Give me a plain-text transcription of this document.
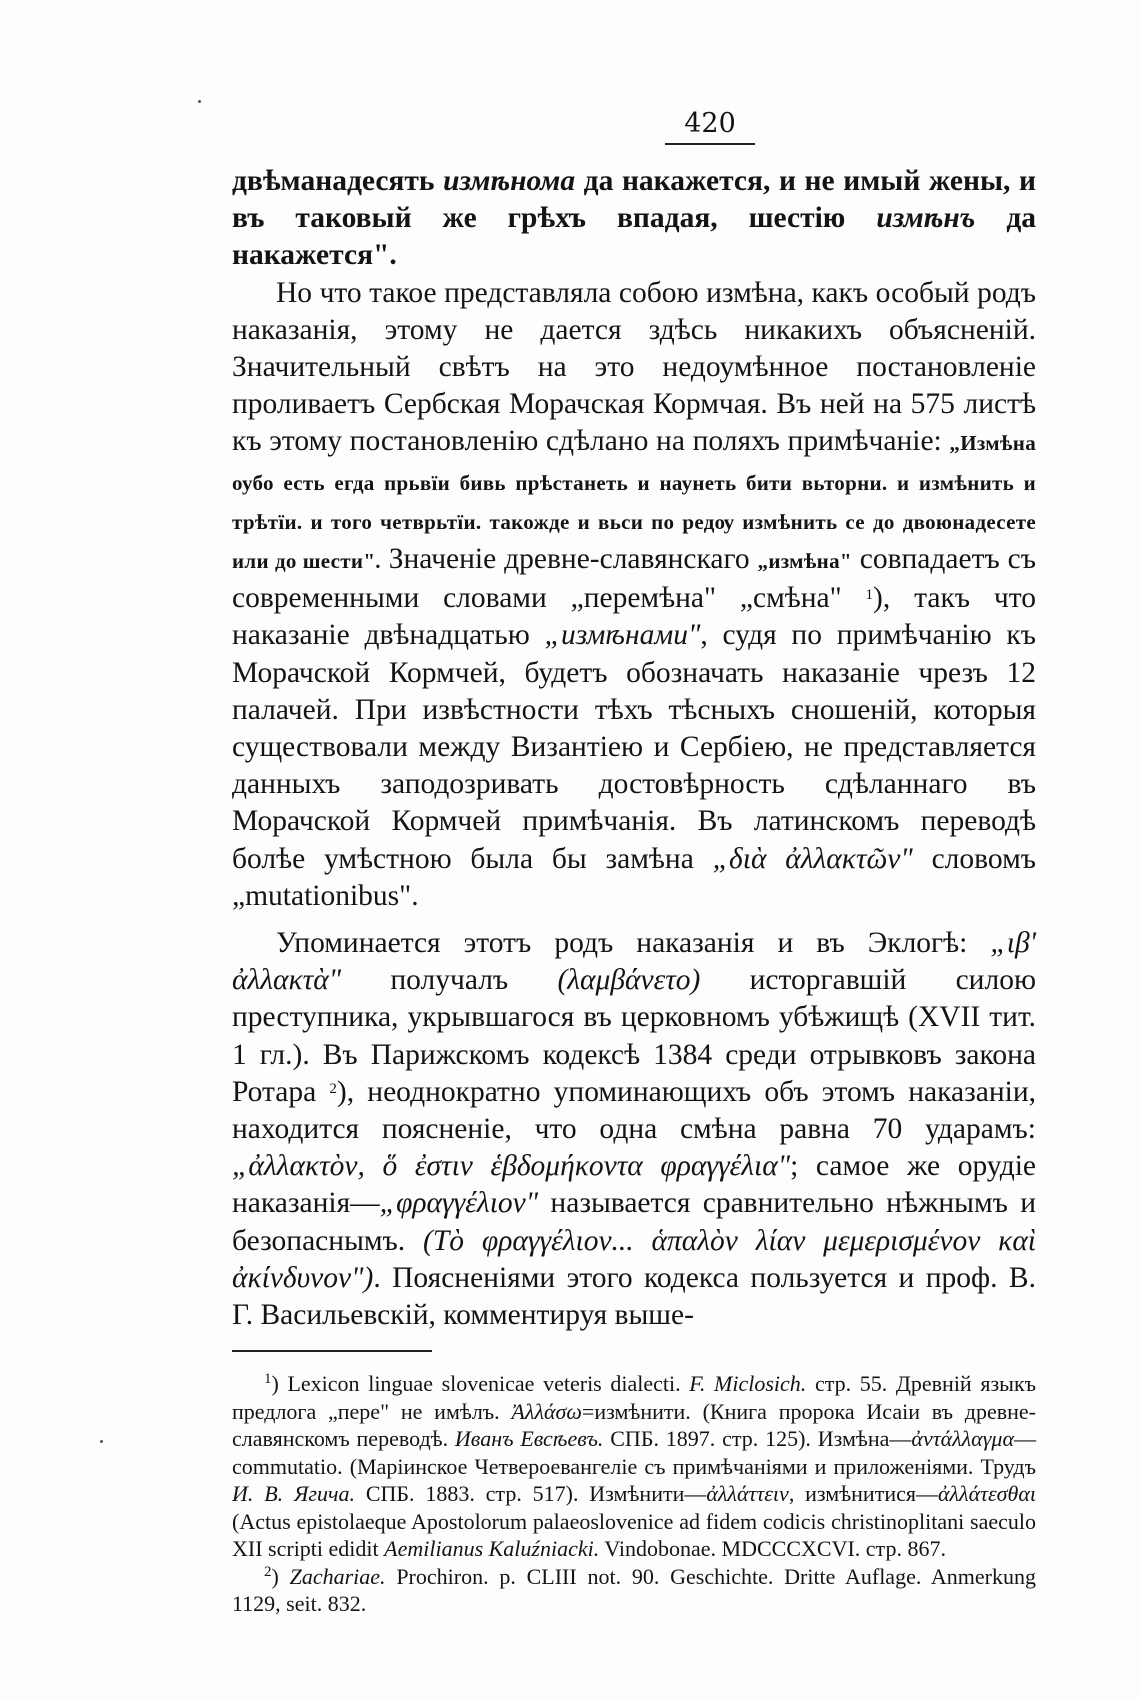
420

двѣманадесять измѣнома да накажется, и не имый жены, и въ таковый же грѣхъ впадая, шестію измѣнъ да накажется".

Но что такое представляла собою измѣна, какъ особый родъ наказанія, этому не дается здѣсь никакихъ объясненій. Значительный свѣтъ на это недоумѣнное постановленіе проливаетъ Сербская Морачская Кормчая. Въ ней на 575 листѣ къ этому постановленію сдѣлано на поляхъ примѣчаніе: „Измѣна оубо есть егда прьвїи бивь прѣстанеть и наунеть бити вьторни. и измѣнить и трѣтїи. и того четврьтїи. такожде и вьси по редѹ измѣнить се до двоюнадесете или до шести". Значеніе древне-славянскаго „измѣна" совпадаетъ съ современными словами „перемѣна" „смѣна" $^1$), такъ что наказаніе двѣнадцатью „измѣнами", судя по примѣчанію къ Морачской Кормчей, будетъ обозначать наказаніе чрезъ 12 палачей. При извѣстности тѣхъ тѣсныхъ сношеній, которыя существовали между Византіею и Сербіею, не представляется данныхъ заподозривать достовѣрность сдѣланнаго въ Морачской Кормчей примѣчанія. Въ латинскомъ переводѣ болѣе умѣстною была бы замѣна „διὰ ἀλλακτῶν" словомъ „mutationibus".

Упоминается этотъ родъ наказанія и въ Эклогѣ: „ιβʹ ἀλλακτὰ" получалъ (λαμβάνετο) исторгавшій силою преступника, укрывшагося въ церковномъ убѣжищѣ (XVII тит. 1 гл.). Въ Парижскомъ кодексѣ 1384 среди отрывковъ закона Ротара $^2$), неоднократно упоминающихъ объ этомъ наказаніи, находится поясненіе, что одна смѣна равна 70 ударамъ: „ἀλλακτὸν, ὅ ἐστιν ἑβδομήκοντα φραγγέλια"; самое же орудіе наказанія—„φραγγέλιον" называется сравнительно нѣжнымъ и безопаснымъ. (Τὸ φραγγέλιον... ἁπαλὸν λίαν μεμερισμένον καὶ ἀκίνδυνον"). Поясненіями этого кодекса пользуется и проф. В. Г. Васильевскій, комментируя выше-

$^1$) Lexicon linguae slovenicae veteris dialecti. F. Miclosich. стр. 55. Древній языкъ предлога „пере" не имѣлъ. Ἀλλάσω=измѣнити. (Книга пророка Исаіи въ древне-славянскомъ переводѣ. Иванъ Евсѣевъ. СПБ. 1897. стр. 125). Измѣна—ἀντάλλαγμα—commutatio. (Маріинское Четвероевангеліе съ примѣчаніями и приложеніями. Трудъ И. В. Ягича. СПБ. 1883. стр. 517). Измѣнити—ἀλλάττειν, измѣнитися—ἀλλάτεσθαι (Actus epistolaeque Apostolorum palaeoslovenice ad fidem codicis christinoplitani saeculo XII scripti edidit Aemilianus Kaluźniacki. Vindobonae. MDCCCXCVI. стр. 867.

$^2$) Zachariae. Prochiron. p. CLIII not. 90. Geschichte. Dritte Auflage. Anmerkung 1129, seit. 832.
